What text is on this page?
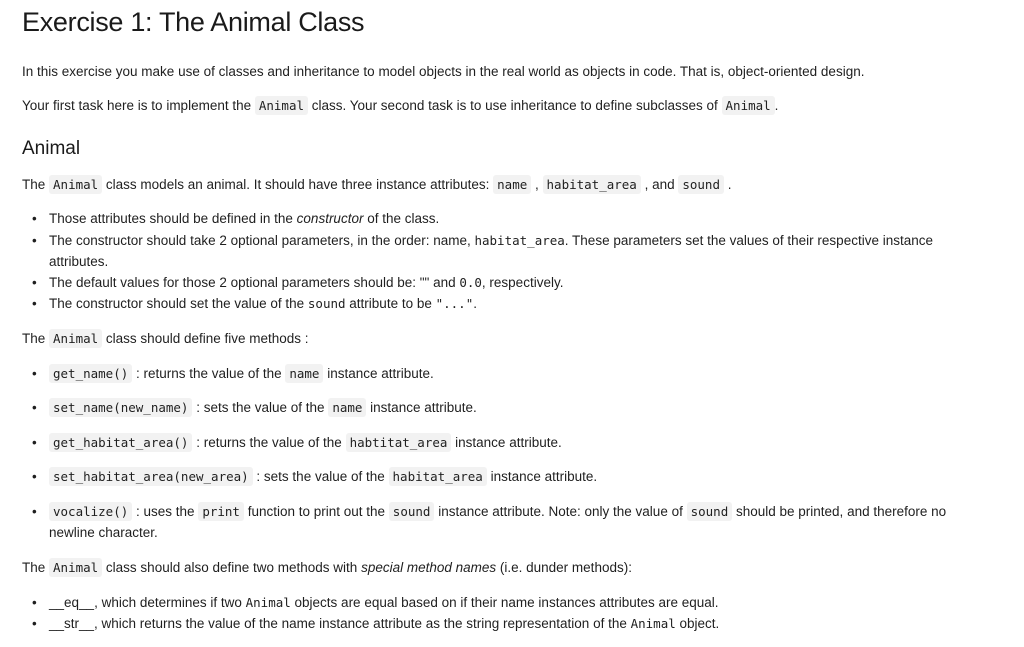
Exercise 1: The Animal Class
In this exercise you make use of classes and inheritance to model objects in the real world as objects in code. That is, object-oriented design.
Your first task here is to implement the Animal class. Your second task is to use inheritance to define subclasses of Animal .
Animal
The Animal class models an animal. It should have three instance attributes: name , habitat_area , and sound .
• Those attributes should be defined in the constructor of the class.
• The constructor should take 2 optional parameters, in the order: name, habitat_area. These parameters set the values of their respective instance
attributes.
• The default values for those 2 optional parameters should be: "" and 0.0, respectively.
• The constructor should set the value of the sound attribute to be "...".
The Animal class should define five methods :
•	get_name() : returns the value of the name instance attribute.
•	set_name(new_name) : sets the value of the name instance attribute.
•	get_habitat_area() : returns the value of the habtitat_area instance attribute.
•	set_habitat_area(new_area) : sets the value of the habitat_area instance attribute.
•	vocalize() : uses the print function to print out the sound instance attribute. Note: only the value of sound should be printed, and therefore no
newline character.
The Animal class should also define two methods with special method names (i.e. dunder methods):
• __eq__, which determines if two Animal objects are equal based on if their name instances attributes are equal.
• __str__, which returns the value of the name instance attribute as the string representation of the Animal object.
